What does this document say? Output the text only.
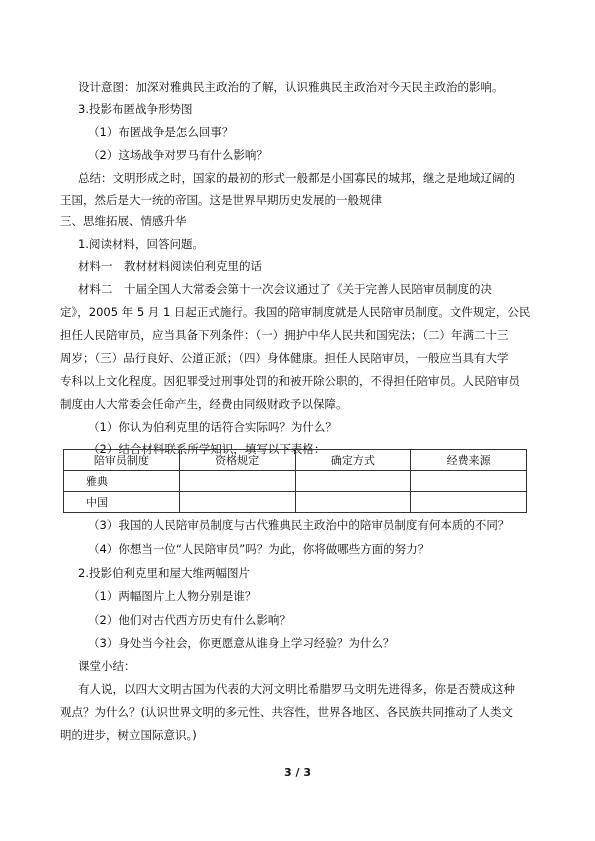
设计意图：加深对雅典民主政治的了解，认识雅典民主政治对今天民主政治的影响。
3.投影布匿战争形势图
（1）布匿战争是怎么回事？
（2）这场战争对罗马有什么影响？
总结：文明形成之时，国家的最初的形式一般都是小国寡民的城邦，继之是地域辽阔的
王国，然后是大一统的帝国。这是世界早期历史发展的一般规律
三、思维拓展、情感升华
1.阅读材料，回答问题。
材料一　教材材料阅读伯利克里的话
材料二　十届全国人大常委会第十一次会议通过了《关于完善人民陪审员制度的决
定》，2005 年 5 月 1 日起正式施行。我国的陪审制度就是人民陪审员制度。文件规定，公民
担任人民陪审员，应当具备下列条件：（一）拥护中华人民共和国宪法；（二）年满二十三
周岁；（三）品行良好、公道正派；（四）身体健康。担任人民陪审员，一般应当具有大学
专科以上文化程度。因犯罪受过刑事处罚的和被开除公职的，不得担任陪审员。人民陪审员
制度由人大常委会任命产生，经费由同级财政予以保障。
（1）你认为伯利克里的话符合实际吗？为什么？
（2）结合材料联系所学知识，填写以下表格：
陪审员制度	资格规定	确定方式	经费来源
雅典			
中国			
（3）我国的人民陪审员制度与古代雅典民主政治中的陪审员制度有何本质的不同？
（4）你想当一位“人民陪审员”吗？为此，你将做哪些方面的努力？
2.投影伯利克里和屋大维两幅图片
（1）两幅图片上人物分别是谁？
（2）他们对古代西方历史有什么影响？
（3）身处当今社会，你更愿意从谁身上学习经验？为什么？
课堂小结：
有人说，以四大文明古国为代表的大河文明比希腊罗马文明先进得多，你是否赞成这种
观点？为什么？(认识世界文明的多元性、共容性，世界各地区、各民族共同推动了人类文
明的进步，树立国际意识。)
3 / 3
